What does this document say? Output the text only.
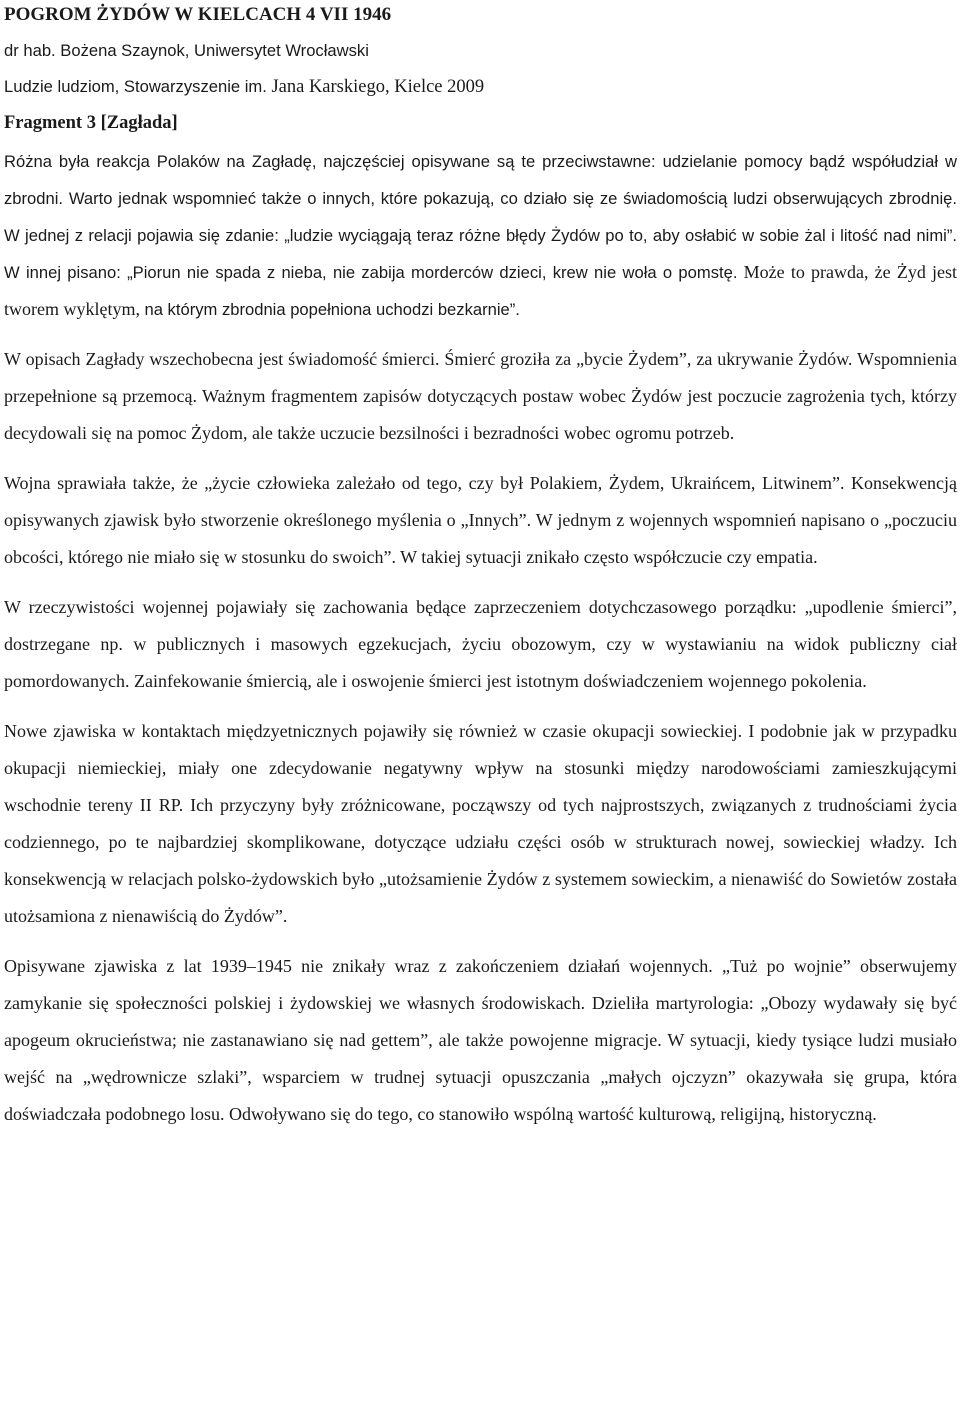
POGROM ŻYDÓW W KIELCACH 4 VII 1946
dr hab. Bożena Szaynok, Uniwersytet Wrocławski
Ludzie ludziom, Stowarzyszenie im. Jana Karskiego, Kielce 2009
Fragment 3 [Zagłada]

Różna była reakcja Polaków na Zagładę, najczęściej opisywane są te przeciwstawne: udzielanie pomocy bądź współudział w zbrodni. Warto jednak wspomnieć także o innych, które pokazują, co działo się ze świadomością ludzi obserwujących zbrodnię. W jednej z relacji pojawia się zdanie: „ludzie wyciągają teraz różne błędy Żydów po to, aby osłabić w sobie żal i litość nad nimi”. W innej pisano: „Piorun nie spada z nieba, nie zabija morderców dzieci, krew nie woła o pomstę. Może to prawda, że Żyd jest tworem wyklętym, na którym zbrodnia popełniona uchodzi bezkarnie”.

W opisach Zagłady wszechobecna jest świadomość śmierci. Śmierć groziła za „bycie Żydem”, za ukrywanie Żydów. Wspomnienia przepełnione są przemocą. Ważnym fragmentem zapisów dotyczących postaw wobec Żydów jest poczucie zagrożenia tych, którzy decydowali się na pomoc Żydom, ale także uczucie bezsilności i bezradności wobec ogromu potrzeb.

Wojna sprawiała także, że „życie człowieka zależało od tego, czy był Polakiem, Żydem, Ukraińcem, Litwinem”. Konsekwencją opisywanych zjawisk było stworzenie określonego myślenia o „Innych”. W jednym z wojennych wspomnień napisano o „poczuciu obcości, którego nie miało się w stosunku do swoich”. W takiej sytuacji znikało często współczucie czy empatia.

W rzeczywistości wojennej pojawiały się zachowania będące zaprzeczeniem dotychczasowego porządku: „upodlenie śmierci”, dostrzegane np. w publicznych i masowych egzekucjach, życiu obozowym, czy w wystawianiu na widok publiczny ciał pomordowanych. Zainfekowanie śmiercią, ale i oswojenie śmierci jest istotnym doświadczeniem wojennego pokolenia.

Nowe zjawiska w kontaktach międzyetnicznych pojawiły się również w czasie okupacji sowieckiej. I podobnie jak w przypadku okupacji niemieckiej, miały one zdecydowanie negatywny wpływ na stosunki między narodowościami zamieszkującymi wschodnie tereny II RP. Ich przyczyny były zróżnicowane, począwszy od tych najprostszych, związanych z trudnościami życia codziennego, po te najbardziej skomplikowane, dotyczące udziału części osób w strukturach nowej, sowieckiej władzy. Ich konsekwencją w relacjach polsko-żydowskich było „utożsamienie Żydów z systemem sowieckim, a nienawiść do Sowietów została utożsamiona z nienawiścią do Żydów”.

Opisywane zjawiska z lat 1939–1945 nie znikały wraz z zakończeniem działań wojennych. „Tuż po wojnie” obserwujemy zamykanie się społeczności polskiej i żydowskiej we własnych środowiskach. Dzieliła martyrologia: „Obozy wydawały się być apogeum okrucieństwa; nie zastanawiano się nad gettem”, ale także powojenne migracje. W sytuacji, kiedy tysiące ludzi musiało wejść na „wędrownicze szlaki”, wsparciem w trudnej sytuacji opuszczania „małych ojczyzn” okazywała się grupa, która doświadczała podobnego losu. Odwoływano się do tego, co stanowiło wspólną wartość kulturową, religijną, historyczną.
